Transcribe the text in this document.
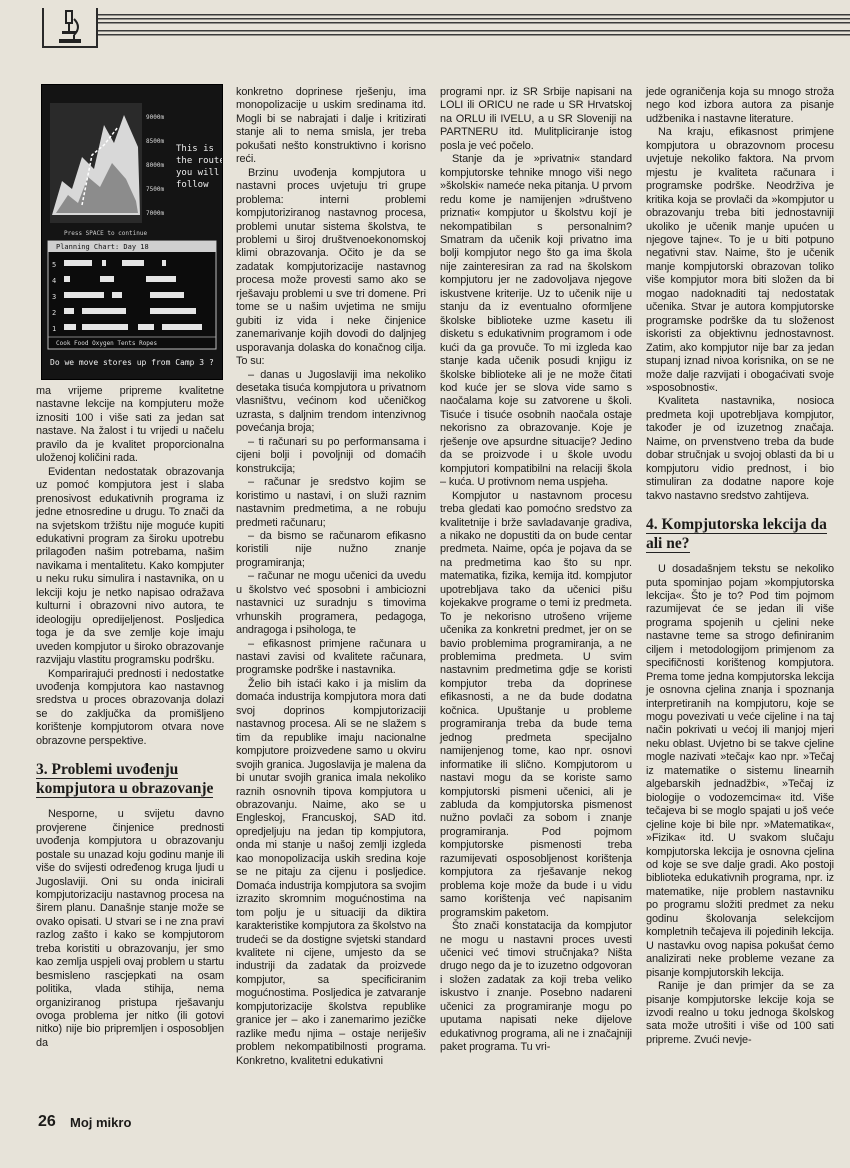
9000m
8500m
8000m
7500m
7000m
This is
the route
you will
follow
Press SPACE to continue
Planning Chart: Day 18
5
4
3
2
1
Cook Food Oxygen Tents Ropes
Do we move stores up from Camp 3 ?

ma vrijeme pripreme kvalitetne nastavne lekcije na kompjuteru može iznositi 100 i više sati za jedan sat nastave. Na žalost i tu vrijedi u načelu pravilo da je kvalitet proporcionalna uloženoj količini rada.

Evidentan nedostatak obrazovanja uz pomoć kompjutora jest i slaba prenosivost edukativnih programa iz jedne etnosredine u drugu. To znači da na svjetskom tržištu nije moguće kupiti edukativni program za široku upotrebu prilagođen našim potrebama, našim navikama i mentalitetu. Kako kompjuter u neku ruku simulira i nastavnika, on u lekciji koju je netko napisao odražava kulturni i obrazovni nivo autora, te ideologiju opredijeljenost. Posljedica toga je da sve zemlje koje imaju uveden kompjutor u široko obrazovanje razvijaju vlastitu programsku podršku.

Komparirajući prednosti i nedostatke uvođenja kompjutora kao nastavnog sredstva u proces obrazovanja dolazi se do zaključka da promišljeno korištenje kompjutorom otvara nove obrazovne perspektive.

3. Problemi uvođenju kompjutora u obrazovanje

Nesporne, u svijetu davno provjerene činjenice prednosti uvođenja kompjutora u obrazovanju postale su unazad koju godinu manje ili više do svijesti određenog kruga ljudi u Jugoslaviji. Oni su onda inicirali kompjutorizaciju nastavnog procesa na širem planu. Današnje stanje može se ovako opisati. U stvari se i ne zna pravi razlog zašto i kako se kompjutorom treba koristiti u obrazovanju, jer smo kao zemlja uspjeli ovaj problem u startu besmisleno rascjepkati na osam politika, vlada stihija, nema organiziranog pristupa rješavanju ovoga problema jer nitko (ili gotovi nitko) nije bio pripremljen i osposobljen da

konkretno doprinese rješenju, ima monopolizacije u uskim sredinama itd. Mogli bi se nabrajati i dalje i kritizirati stanje ali to nema smisla, jer treba pokušati nešto konstruktivno i korisno reći.

Brzinu uvođenja kompjutora u nastavni proces uvjetuju tri grupe problema: interni problemi kompjutoriziranog nastavnog procesa, problemi unutar sistema školstva, te problemi u široj društvenoekonomskoj klimi obrazovanja. Očito je da se zadatak kompjutorizacije nastavnog procesa može provesti samo ako se rješavaju problemi u sve tri domene. Pri tome se u našim uvjetima ne smiju gubiti iz vida i neke činjenice zanemarivanje kojih dovodi do daljnjeg usporavanja dolaska do konačnog cilja. To su:

– danas u Jugoslaviji ima nekoliko desetaka tisuća kompjutora u privatnom vlasništvu, većinom kod učeničkog uzrasta, s daljnim trendom intenzivnog povećanja broja;

– ti računari su po performansama i cijeni bolji i povoljniji od domaćih konstrukcija;

– računar je sredstvo kojim se koristimo u nastavi, i on služi raznim nastavnim predmetima, a ne robuju predmeti računaru;

– da bismo se računarom efikasno koristili nije nužno znanje programiranja;

– računar ne mogu učenici da uvedu u školstvo već sposobni i ambiciozni nastavnici uz suradnju s timovima vrhunskih programera, pedagoga, andragoga i psihologa, te

– efikasnost primjene računara u nastavi zavisi od kvalitete računara, programske podrške i nastavnika.

Želio bih istaći kako i ja mislim da domaća industrija kompjutora mora dati svoj doprinos kompjutorizaciji nastavnog procesa. Ali se ne slažem s tim da republike imaju nacionalne kompjutore proizvedene samo u okviru svojih granica. Jugoslavija je malena da bi unutar svojih granica imala nekoliko raznih osnovnih tipova kompjutora u obrazovanju. Naime, ako se u Engleskoj, Francuskoj, SAD itd. opredjeljuju na jedan tip kompjutora, onda mi stanje u našoj zemlji izgleda kao monopolizacija uskih sredina koje se ne pitaju za cijenu i posljedice. Domaća industrija kompjutora sa svojim izrazito skromnim mogućnostima na tom polju je u situaciji da diktira karakteristike kompjutora za školstvo na trudeći se da dostigne svjetski standard kvalitete ni cijene, umjesto da se industriji da zadatak da proizvede kompjutor, sa specificiranim mogućnostima. Posljedica je zatvaranje kompjutorizacije školstva republike granice jer – ako i zanemarimo jezičke razlike među njima – ostaje neriješiv problem nekompatibilnosti programa. Konkretno, kvalitetni edukativni

programi npr. iz SR Srbije napisani na LOLI ili ORICU ne rade u SR Hrvatskoj na ORLU ili IVELU, a u SR Sloveniji na PARTNERU itd. Mulitpliciranje istog posla je već počelo.

Stanje da je »privatni« standard kompjutorske tehnike mnogo viši nego »školski« nameće neka pitanja. U prvom redu kome je namijenjen »društveno priznati« kompjutor u školstvu kojí je nekompatibilan s personalnim? Smatram da učenik koji privatno ima bolji kompjutor nego što ga ima škola nije zainteresiran za rad na školskom kompjutoru jer ne zadovoljava njegove iskustvene kriterije. Uz to učenik nije u stanju da iz eventualno oformljene školske biblioteke uzme kasetu ili disketu s edukativnim programom i ode kući da ga provuče. To mi izgleda kao stanje kada učenik posudi knjigu iz školske biblioteke ali je ne može čitati kod kuće jer se slova vide samo s naočalama koje su zatvorene u školi. Tisuće i tisuće osobnih naočala ostaje nekorisno za obrazovanje. Koje je rješenje ove apsurdne situacije? Jedino da se proizvode i u škole uvodu kompjutori kompatibilni na relaciji škola – kuća. U protivnom nema uspjeha.

Kompjutor u nastavnom procesu treba gledati kao pomoćno sredstvo za kvalitetnije i brže savladavanje gradiva, a nikako ne dopustiti da on bude centar predmeta. Naime, opća je pojava da se na predmetima kao što su npr. matematika, fizika, kemija itd. kompjutor upotrebljava tako da učenici pišu kojekakve programe o temi iz predmeta. To je nekorisno utrošeno vrijeme učenika za konkretni predmet, jer on se bavio problemima programiranja, a ne problemima predmeta. U svim nastavnim predmetima gdje se koristi kompjutor treba da doprinese efikasnosti, a ne da bude dodatna kočnica. Upuštanje u probleme programiranja treba da bude tema jednog predmeta specijalno namijenjenog tome, kao npr. osnovi informatike ili slično. Kompjutorom u nastavi mogu da se koriste samo kompjutorski pismeni učenici, ali je zabluda da kompjutorska pismenost nužno povlači za sobom i znanje programiranja. Pod pojmom kompjutorske pismenosti treba razumijevati osposobljenost korištenja kompjutora za rješavanje nekog problema koje može da bude i u vidu samo korištenja već napisanim programskim paketom.

Što znači konstatacija da kompjutor ne mogu u nastavni proces uvesti učenici već timovi stručnjaka? Ništa drugo nego da je to izuzetno odgovoran i složen zadatak za koji treba veliko iskustvo i znanje. Posebno nadareni učenici za programiranje mogu po uputama napisati neke dijelove edukativnog programa, ali ne i značajniji paket programa. Tu vri-

jede ograničenja koja su mnogo stroža nego kod izbora autora za pisanje udžbenika i nastavne literature.

Na kraju, efikasnost primjene kompjutora u obrazovnom procesu uvjetuje nekoliko faktora. Na prvom mjestu je kvaliteta računara i programske podrške. Neodrživa je kritika koja se provlači da »kompjutor u obrazovanju treba biti jednostavniji ukoliko je učenik manje upućen u njegove tajne«. To je u biti potpuno negativni stav. Naime, što je učenik manje kompjutorski obrazovan toliko više kompjutor mora biti složen da bi mogao nadoknaditi taj nedostatak učenika. Stvar je autora kompjutorske programske podrške da tu složenost iskoristi za objektivnu jednostavnost. Zatim, ako kompjutor nije bar za jedan stupanj iznad nivoa korisnika, on se ne može dalje razvijati i obogaćivati svoje »sposobnosti«.

Kvaliteta nastavnika, nosioca predmeta koji upotrebljava kompjutor, također je od izuzetnog značaja. Naime, on prvenstveno treba da bude dobar stručnjak u svojoj oblasti da bi u kompjutoru vidio prednost, i bio stimuliran za dodatne napore koje takvo nastavno sredstvo zahtijeva.

4. Kompjutorska lekcija da ali ne?

U dosadašnjem tekstu se nekoliko puta spominjao pojam »kompjutorska lekcija«. Što je to? Pod tim pojmom razumijevat će se jedan ili više programa spojenih u cjelini neke nastavne teme sa strogo definiranim ciljem i metodologijom primjenom za specifičnosti korištenog kompjutora. Prema tome jedna kompjutorska lekcija je osnovna cjelina znanja i spoznanja interpretiranih na kompjutoru, koje se mogu povezivati u veće cijeline i na taj način pokrivati u većoj ili manjoj mjeri neku oblast. Uvjetno bi se takve cjeline mogle nazivati »tečaj« kao npr. »Tečaj iz matematike o sistemu linearnih algebarskih jednadžbi«, »Tečaj iz biologije o vodozemcima« itd. Više tečajeva bi se moglo spajati u još veće cjeline koje bi bile npr. »Matematika«, »Fizika« itd. U svakom slučaju kompjutorska lekcija je osnovna cjelina od koje se sve dalje gradi. Ako postoji biblioteka edukativnih programa, npr. iz matematike, nije problem nastavniku po programu složiti predmet za neku godinu školovanja selekcijom kompletnih tečajeva ili pojedinih lekcija. U nastavku ovog napisa pokušat ćemo analizirati neke probleme vezane za pisanje kompjutorskih lekcija.

Ranije je dan primjer da se za pisanje kompjutorske lekcije koja se izvodi realno u toku jednoga školskog sata može utrošiti i više od 100 sati pripreme. Zvući nevje-

26 Moj mikro
